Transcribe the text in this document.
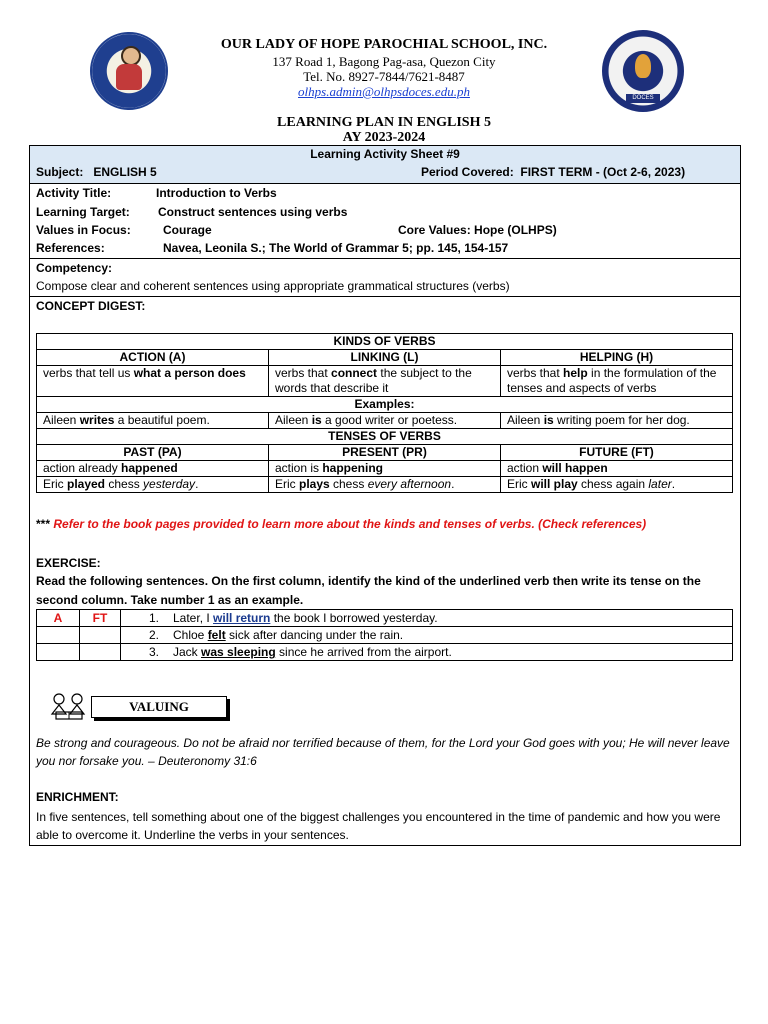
DOCES
OUR LADY OF HOPE PAROCHIAL SCHOOL, INC.
137 Road 1, Bagong Pag-asa, Quezon City
Tel. No. 8927-7844/7621-8487
olhps.admin@olhpsdoces.edu.ph
LEARNING PLAN IN ENGLISH 5
AY 2023-2024
Learning Activity Sheet #9
Subject: ENGLISH 5	Period Covered: FIRST TERM - (Oct 2-6, 2023)
Activity Title:	Introduction to Verbs
Learning Target: Construct sentences using verbs
Values in Focus:	Courage	Core Values: Hope (OLHPS)
References:	Navea, Leonila S.; The World of Grammar 5; pp. 145, 154-157
Competency:
Compose clear and coherent sentences using appropriate grammatical structures (verbs)
CONCEPT DIGEST:
KINDS OF VERBS		
ACTION (A)	LINKING (L)	HELPING (H)
verbs that tell us what a person does	verbs that connect the subject to the words that describe it	verbs that help in the formulation of the tenses and aspects of verbs
Examples:		
Aileen writes a beautiful poem.	Aileen is a good writer or poetess.	Aileen is writing poem for her dog.
TENSES OF VERBS		
PAST (PA)	PRESENT (PR)	FUTURE (FT)
action already happened	action is happening	action will happen
Eric played chess yesterday.	Eric plays chess every afternoon.	Eric will play chess again later.
*** Refer to the book pages provided to learn more about the kinds and tenses of verbs. (Check references)
EXERCISE:
Read the following sentences. On the first column, identify the kind of the underlined verb then write its tense on the second column. Take number 1 as an example.
A	FT	1. Later, I will return the book I borrowed yesterday.
		2. Chloe felt sick after dancing under the rain.
		3. Jack was sleeping since he arrived from the airport.
VALUING
Be strong and courageous. Do not be afraid nor terrified because of them, for the Lord your God goes with you; He will never leave you nor forsake you. – Deuteronomy 31:6
ENRICHMENT:
In five sentences, tell something about one of the biggest challenges you encountered in the time of pandemic and how you were able to overcome it. Underline the verbs in your sentences.
